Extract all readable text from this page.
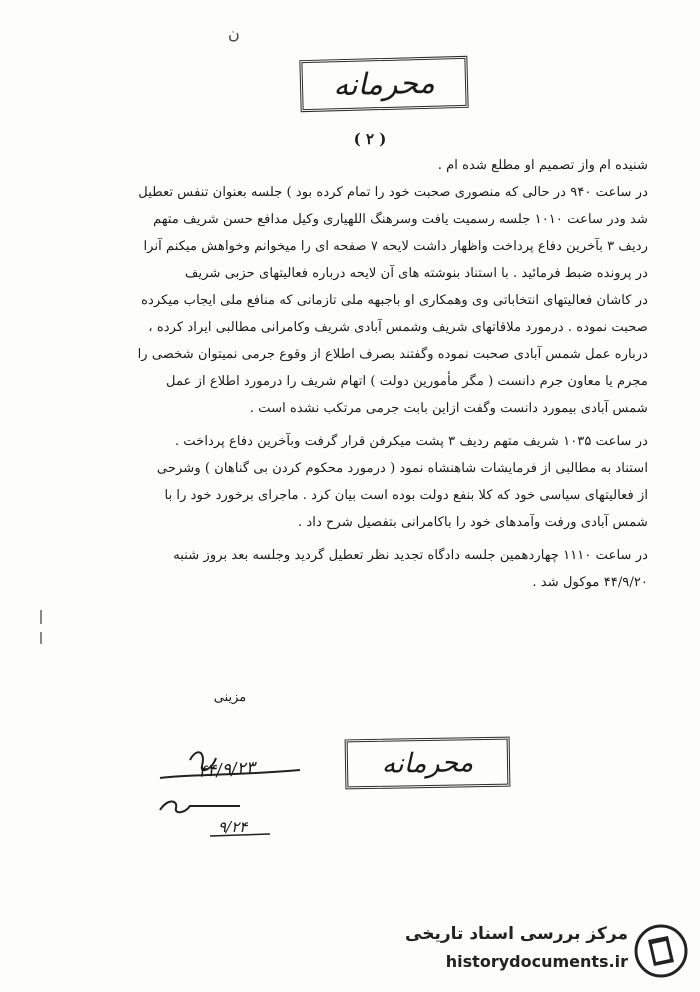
ن
محرمانه
( ۲ )
شنیده ام واز تصمیم او مطلع شده ام .
در ساعت ۹۴۰ در حالی که منصوری صحبت خود را تمام کرده بود ) جلسه بعنوان تنفس تعطیل
شد ودر ساعت ۱۰۱۰ جلسه رسمیت یافت وسرهنگ اللهیاری وکیل مدافع حسن شریف متهم
ردیف ۳ بآخرین دفاع پرداخت واظهار داشت لایحه ۷ صفحه ای را میخوانم وخواهش میکنم آنرا
در پرونده ضبط فرمائید . با استناد بنوشته های آن لایحه درباره فعالیتهای حزبی شریف
در کاشان فعالیتهای انتخاباتی وی وهمکاری او باجبهه ملی تازمانی که منافع ملی ایجاب میکرده
صحبت نموده . درمورد ملاقاتهای شریف وشمس آبادی شریف وکامرانی مطالبی ایراد کرده ،
درباره عمل شمس آبادی صحبت نموده وگفتند بصرف اطلاع از وقوع جرمی نمیتوان شخصی را
مجرم یا معاون جرم دانست ( مگر مأمورین دولت ) اتهام شریف را درمورد اطلاع از عمل
شمس آبادی بیمورد دانست وگفت ازاین بابت جرمی مرتکب نشده است .
در ساعت ۱۰۳۵ شریف متهم ردیف ۳ پشت میکرفن قرار گرفت وبآخرین دفاع پرداخت .
استناد به مطالبی از فرمایشات شاهنشاه نمود ( درمورد محکوم کردن بی گناهان ) وشرحی
از فعالیتهای سیاسی خود که کلا بنفع دولت بوده است بیان کرد . ماجرای برخورد خود را با
شمس آبادی ورفت وآمدهای خود را باکامرانی بتفصیل شرح داد .
در ساعت ۱۱۱۰ چهاردهمین جلسه دادگاه تجدید نظر تعطیل گردید وجلسه بعد بروز شنبه
۴۴/۹/۲۰ موکول شد .
مزینی
۴۴/۹/۲۳
۹/۲۴
محرمانه
مرکز بررسی اسناد تاریخی
historydocuments.ir
